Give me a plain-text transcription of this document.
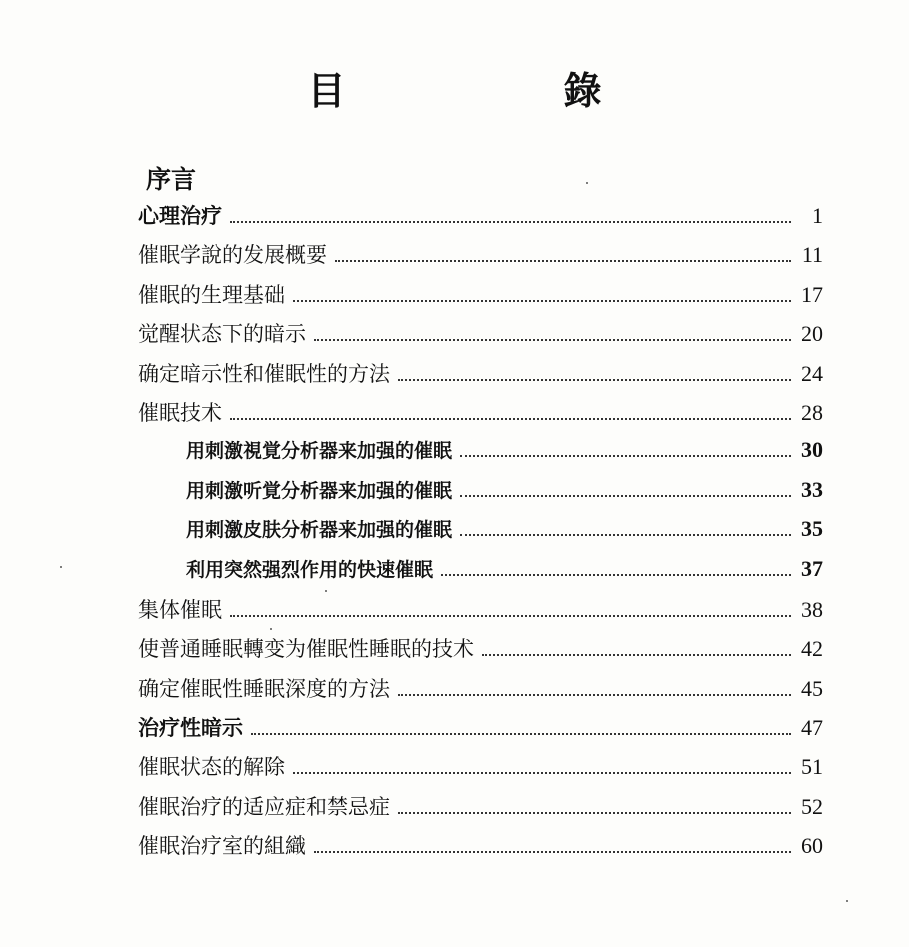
目　錄
序言
心理治疗	1
催眠学說的发展概要	11
催眠的生理基础	17
觉醒状态下的暗示	20
确定暗示性和催眠性的方法	24
催眠技术	28
用刺激視覚分析器来加强的催眠	30
用刺激听覚分析器来加强的催眠	33
用刺激皮肤分析器来加强的催眠	35
利用突然强烈作用的快速催眠	37
集体催眠	38
使普通睡眠轉变为催眠性睡眠的技术	42
确定催眠性睡眠深度的方法	45
治疗性暗示	47
催眠状态的解除	51
催眠治疗的适应症和禁忌症	52
催眠治疗室的組織	60
